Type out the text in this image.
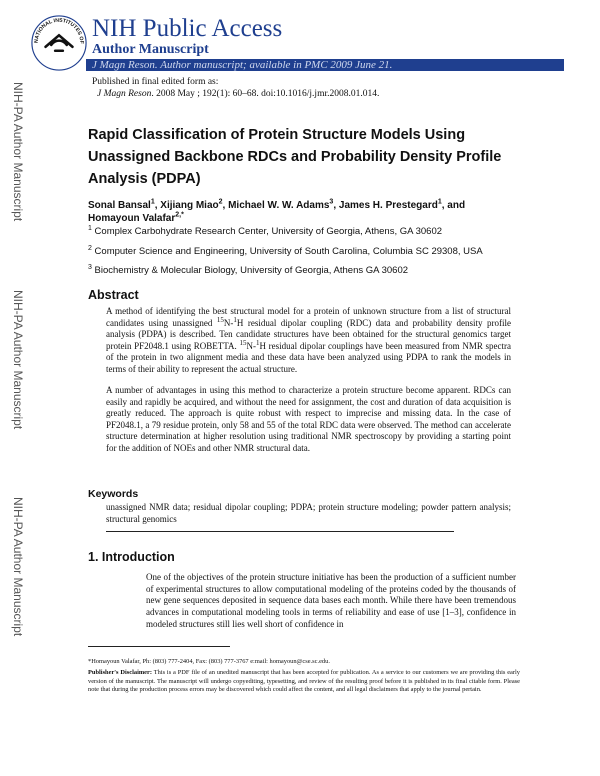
NATIONAL INSTITUTES OF
NIH Public Access
Author Manuscript
J Magn Reson. Author manuscript; available in PMC 2009 June 21.
Published in final edited form as:
J Magn Reson. 2008 May ; 192(1): 60–68. doi:10.1016/j.jmr.2008.01.014.
NIH-PA Author Manuscript
NIH-PA Author Manuscript
NIH-PA Author Manuscript
Rapid Classification of Protein Structure Models Using Unassigned Backbone RDCs and Probability Density Profile Analysis (PDPA)
Sonal Bansal$^1$, Xijiang Miao$^2$, Michael W. W. Adams$^3$, James H. Prestegard$^1$, and Homayoun Valafar$^{2,*}$
$^1$ Complex Carbohydrate Research Center, University of Georgia, Athens, GA 30602
$^2$ Computer Science and Engineering, University of South Carolina, Columbia SC 29308, USA
$^3$ Biochemistry & Molecular Biology, University of Georgia, Athens GA 30602
Abstract
A method of identifying the best structural model for a protein of unknown structure from a list of structural candidates using unassigned $^{15}$N-$^1$H residual dipolar coupling (RDC) data and probability density profile analysis (PDPA) is described. Ten candidate structures have been obtained for the structural genomics target protein PF2048.1 using ROBETTA. $^{15}$N-$^1$H residual dipolar couplings have been measured from NMR spectra of the protein in two alignment media and these data have been analyzed using PDPA to rank the models in terms of their ability to represent the actual structure.
A number of advantages in using this method to characterize a protein structure become apparent. RDCs can easily and rapidly be acquired, and without the need for assignment, the cost and duration of data acquisition is greatly reduced. The approach is quite robust with respect to imprecise and missing data. In the case of PF2048.1, a 79 residue protein, only 58 and 55 of the total RDC data were observed. The method can accelerate structure determination at higher resolution using traditional NMR spectroscopy by providing a starting point for the addition of NOEs and other NMR structural data.
Keywords
unassigned NMR data; residual dipolar coupling; PDPA; protein structure modeling; powder pattern analysis; structural genomics
1. Introduction
One of the objectives of the protein structure initiative has been the production of a sufficient number of experimental structures to allow computational modeling of the proteins coded by the thousands of new gene sequences deposited in sequence data bases each month. While there have been tremendous advances in computational modeling tools in terms of reliability and ease of use [1–3], confidence in modeled structures still lies well short of confidence in
*Homayoun Valafar, Ph: (803) 777-2404, Fax: (803) 777-3767 e:mail: homayoun@cse.sc.edu.
Publisher's Disclaimer: This is a PDF file of an unedited manuscript that has been accepted for publication. As a service to our customers we are providing this early version of the manuscript. The manuscript will undergo copyediting, typesetting, and review of the resulting proof before it is published in its final citable form. Please note that during the production process errors may be discovered which could affect the content, and all legal disclaimers that apply to the journal pertain.
